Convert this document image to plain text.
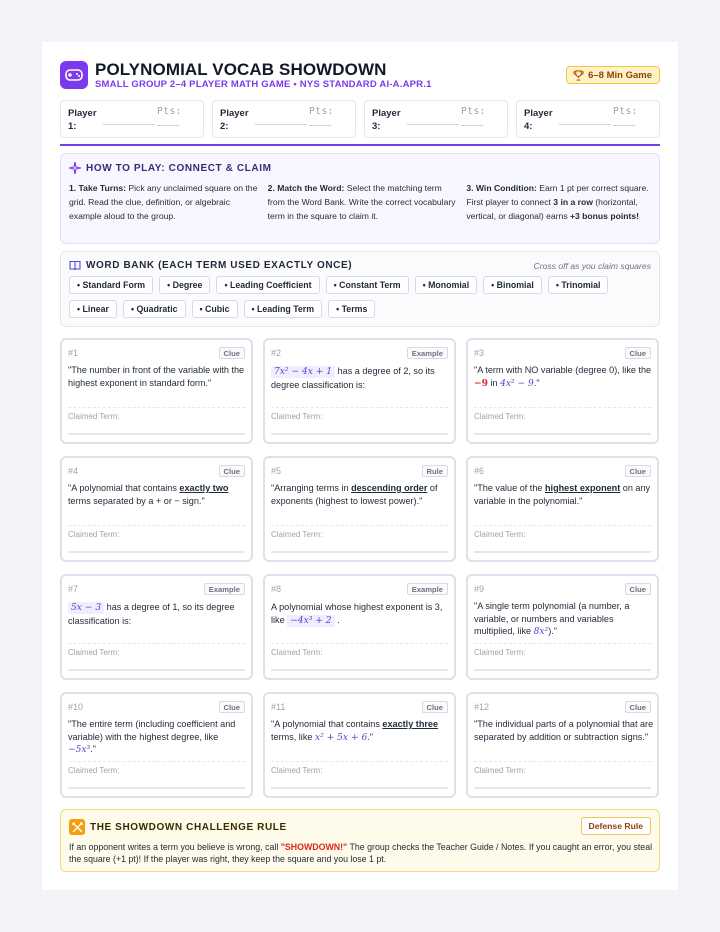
POLYNOMIAL VOCAB SHOWDOWN
SMALL GROUP 2–4 PLAYER MATH GAME • NYS STANDARD AI-A.APR.1
6–8 Min Game
Player
1:
Pts:	Player
2:
Pts:	Player
3:
Pts:	Player
4:
Pts:
HOW TO PLAY: CONNECT & CLAIM
1. Take Turns: Pick any unclaimed square on the grid. Read the clue, definition, or algebraic example aloud to the group.
2. Match the Word: Select the matching term from the Word Bank. Write the correct vocabulary term in the square to claim it.
3. Win Condition: Earn 1 pt per correct square. First player to connect 3 in a row (horizontal, vertical, or diagonal) earns +3 bonus points!
WORD BANK (EACH TERM USED EXACTLY ONCE)	Cross off as you claim squares
• Standard Form	• Degree	• Leading Coefficient	• Constant Term	• Monomial	• Binomial	• Trinomial
• Linear	• Quadratic	• Cubic	• Leading Term	• Terms
#1	Clue
"The number in front of the variable with the highest exponent in standard form."
Claimed Term:
#2	Example
7x² − 4x + 1 has a degree of 2, so its degree classification is:
Claimed Term:
#3	Clue
"A term with NO variable (degree 0), like the −9 in 4x² − 9."
Claimed Term:
#4	Clue
"A polynomial that contains exactly two terms separated by a + or − sign."
Claimed Term:
#5	Rule
"Arranging terms in descending order of exponents (highest to lowest power)."
Claimed Term:
#6	Clue
"The value of the highest exponent on any variable in the polynomial."
Claimed Term:
#7	Example
5x − 3 has a degree of 1, so its degree classification is:
Claimed Term:
#8	Example
A polynomial whose highest exponent is 3, like −4x³ + 2 .
Claimed Term:
#9	Clue
"A single term polynomial (a number, a variable, or numbers and variables multiplied, like 8x²)."
Claimed Term:
#10	Clue
"The entire term (including coefficient and variable) with the highest degree, like −5x³."
Claimed Term:
#11	Clue
"A polynomial that contains exactly three terms, like x² + 5x + 6."
Claimed Term:
#12	Clue
"The individual parts of a polynomial that are separated by addition or subtraction signs."
Claimed Term:
THE SHOWDOWN CHALLENGE RULE	Defense Rule
If an opponent writes a term you believe is wrong, call "SHOWDOWN!" The group checks the Teacher Guide / Notes. If you caught an error, you steal the square (+1 pt)! If the player was right, they keep the square and you lose 1 pt.
